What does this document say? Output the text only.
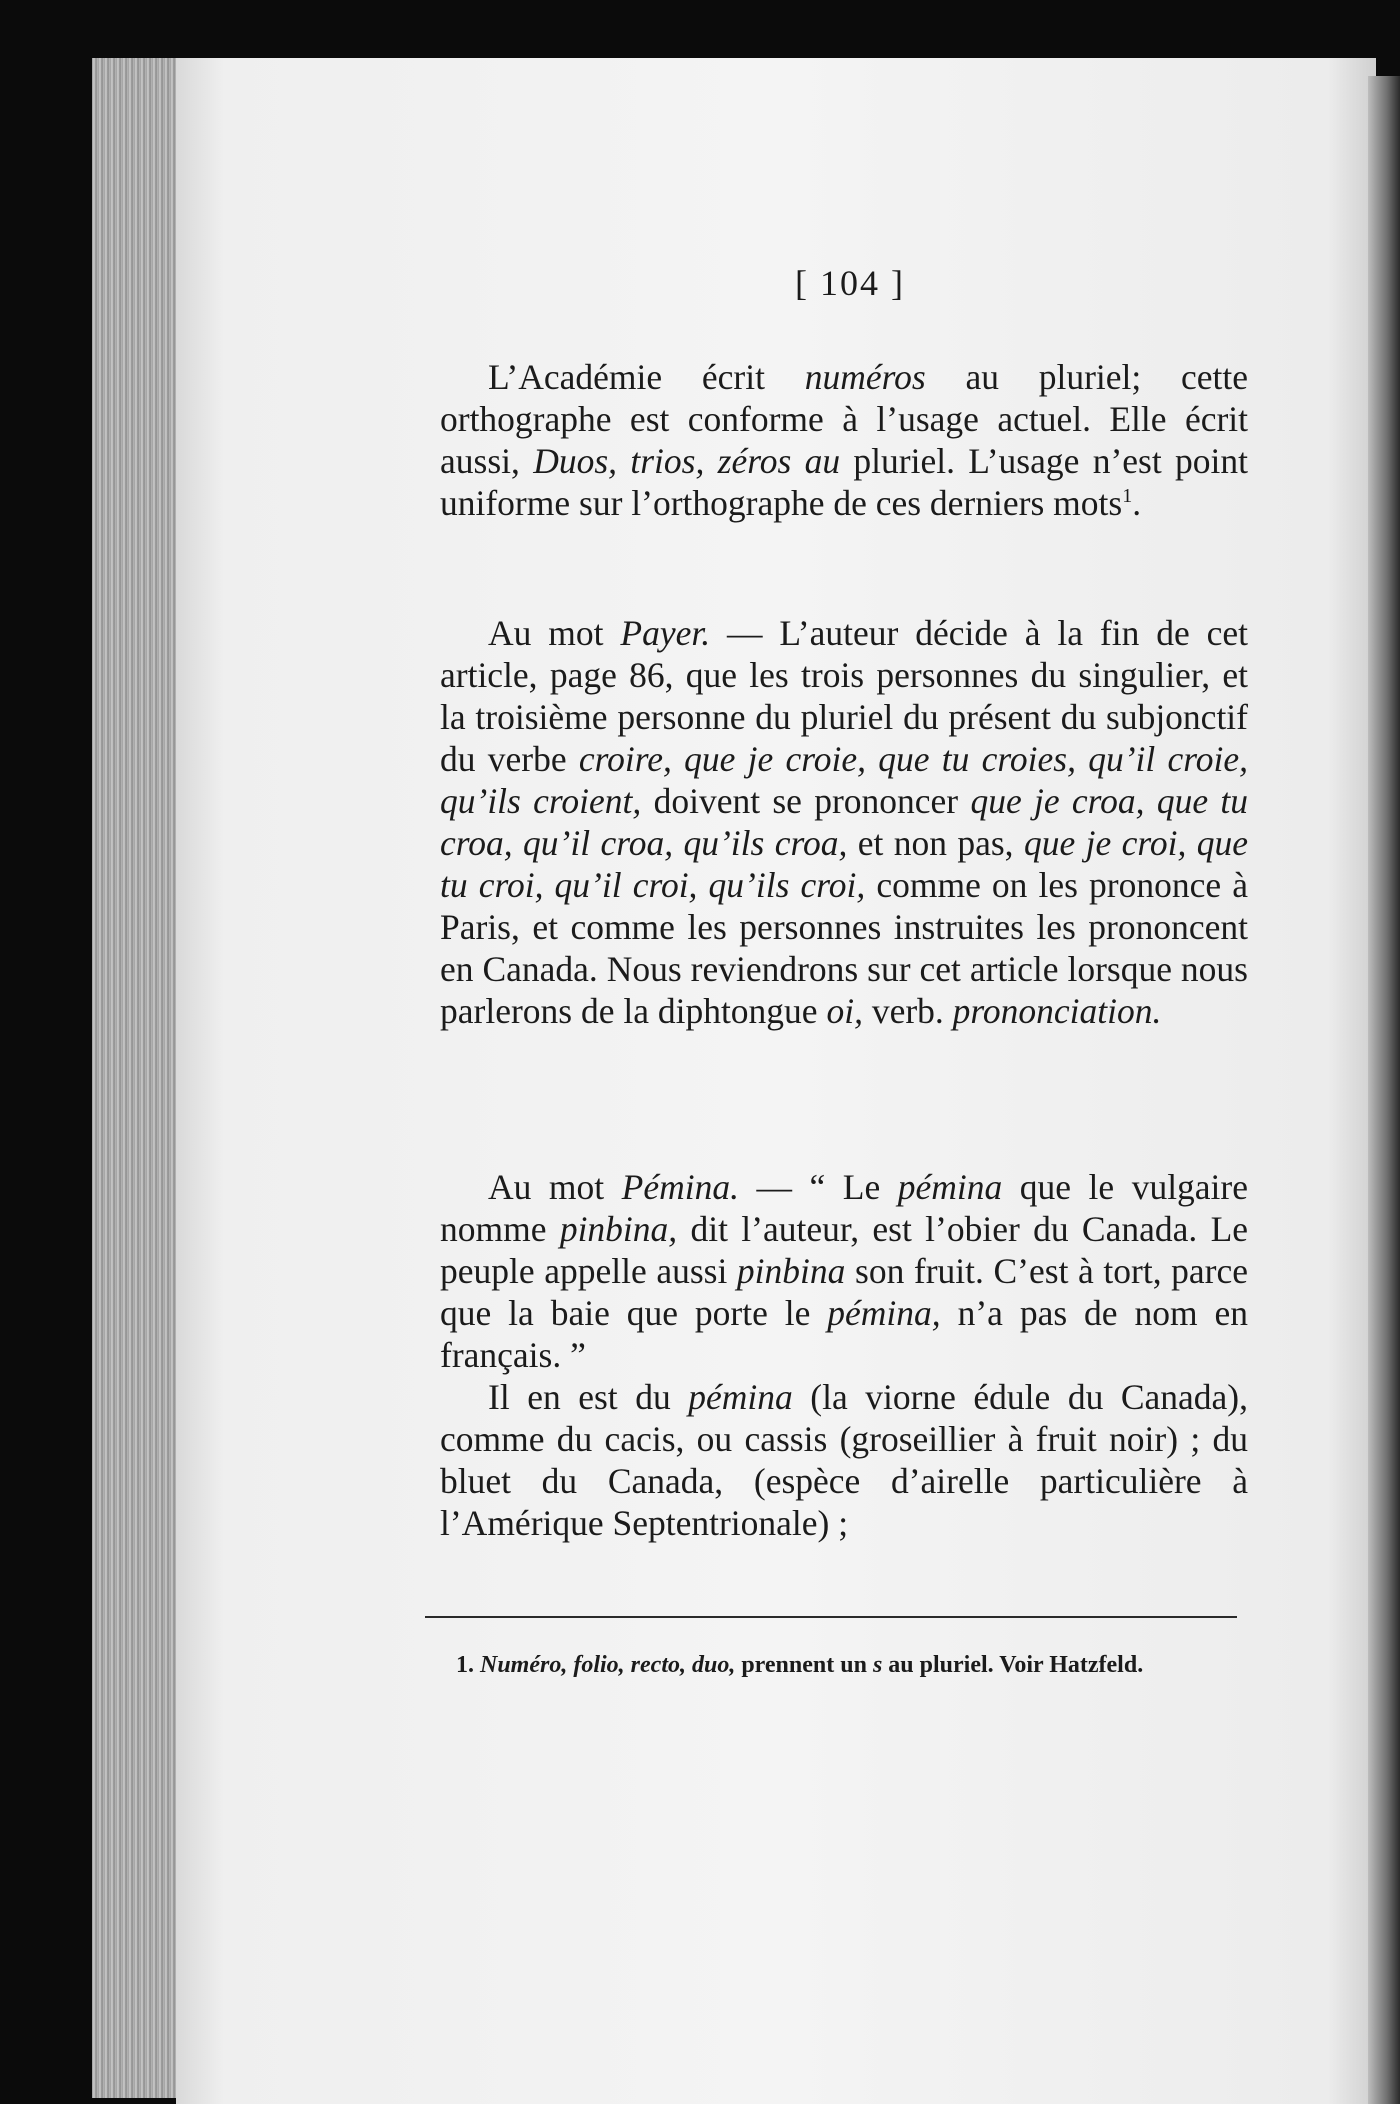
[ 104 ]

L’Académie écrit numéros au pluriel; cette orthographe est conforme à l’usage actuel. Elle écrit aussi, Duos, trios, zéros au pluriel. L’usage n’est point uniforme sur l’orthographe de ces derniers mots$^1$.

Au mot Payer. — L’auteur décide à la fin de cet article, page 86, que les trois personnes du singulier, et la troisième personne du pluriel du présent du subjonctif du verbe croire, que je croie, que tu croies, qu’il croie, qu’ils croient, doivent se prononcer que je croa, que tu croa, qu’il croa, qu’ils croa, et non pas, que je croi, que tu croi, qu’il croi, qu’ils croi, comme on les prononce à Paris, et comme les personnes instruites les prononcent en Canada. Nous reviendrons sur cet article lorsque nous parlerons de la diphtongue oi, verb. prononciation.

Au mot Pémina. — “ Le pémina que le vulgaire nomme pinbina, dit l’auteur, est l’obier du Canada. Le peuple appelle aussi pinbina son fruit. C’est à tort, parce que la baie que porte le pémina, n’a pas de nom en français. ”

Il en est du pémina (la viorne édule du Canada), comme du cacis, ou cassis (groseillier à fruit noir) ; du bluet du Canada, (espèce d’airelle particulière à l’Amérique Septentrionale) ;

1. Numéro, folio, recto, duo, prennent un s au pluriel. Voir Hatzfeld.
